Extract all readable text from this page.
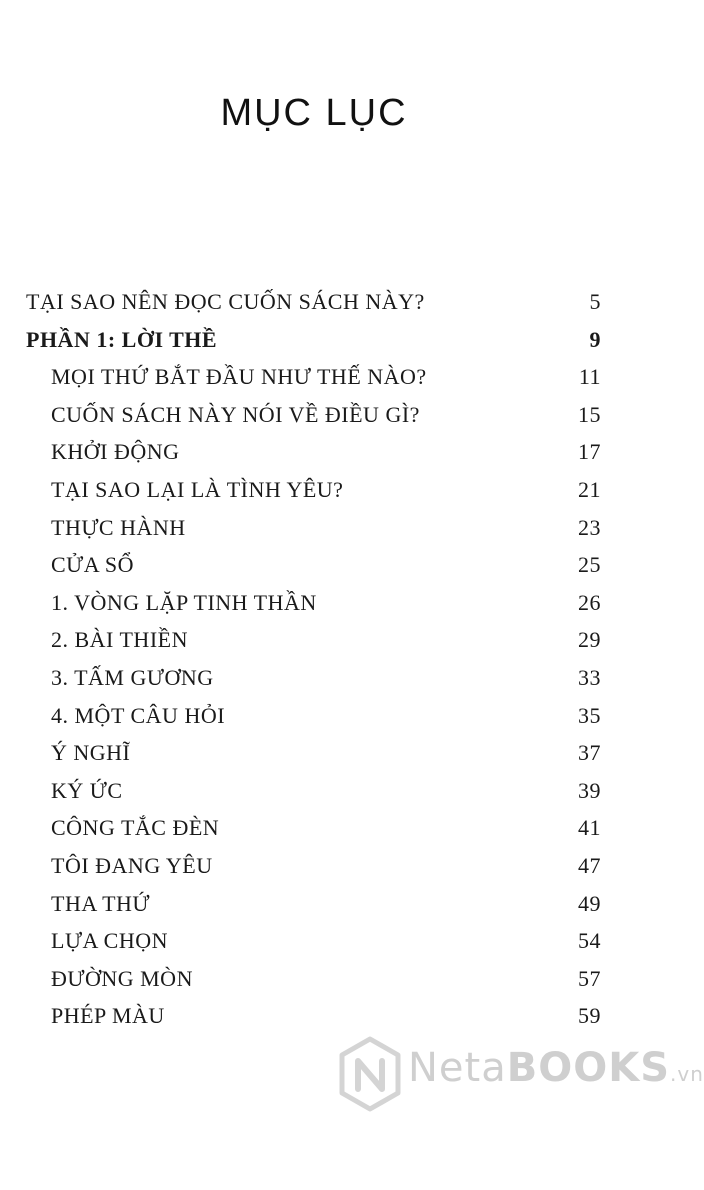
MỤC LỤC
TẠI SAO NÊN ĐỌC CUỐN SÁCH NÀY?	5
PHẦN 1: LỜI THỀ	9
MỌI THỨ BẮT ĐẦU NHƯ THẾ NÀO?	11
CUỐN SÁCH NÀY NÓI VỀ ĐIỀU GÌ?	15
KHỞI ĐỘNG	17
TẠI SAO LẠI LÀ TÌNH YÊU?	21
THỰC HÀNH	23
CỬA SỔ	25
1. VÒNG LẶP TINH THẦN	26
2. BÀI THIỀN	29
3. TẤM GƯƠNG	33
4. MỘT CÂU HỎI	35
Ý NGHĨ	37
KÝ ỨC	39
CÔNG TẮC ĐÈN	41
TÔI ĐANG YÊU	47
THA THỨ	49
LỰA CHỌN	54
ĐƯỜNG MÒN	57
PHÉP MÀU	59
NetaBOOKS.vn
